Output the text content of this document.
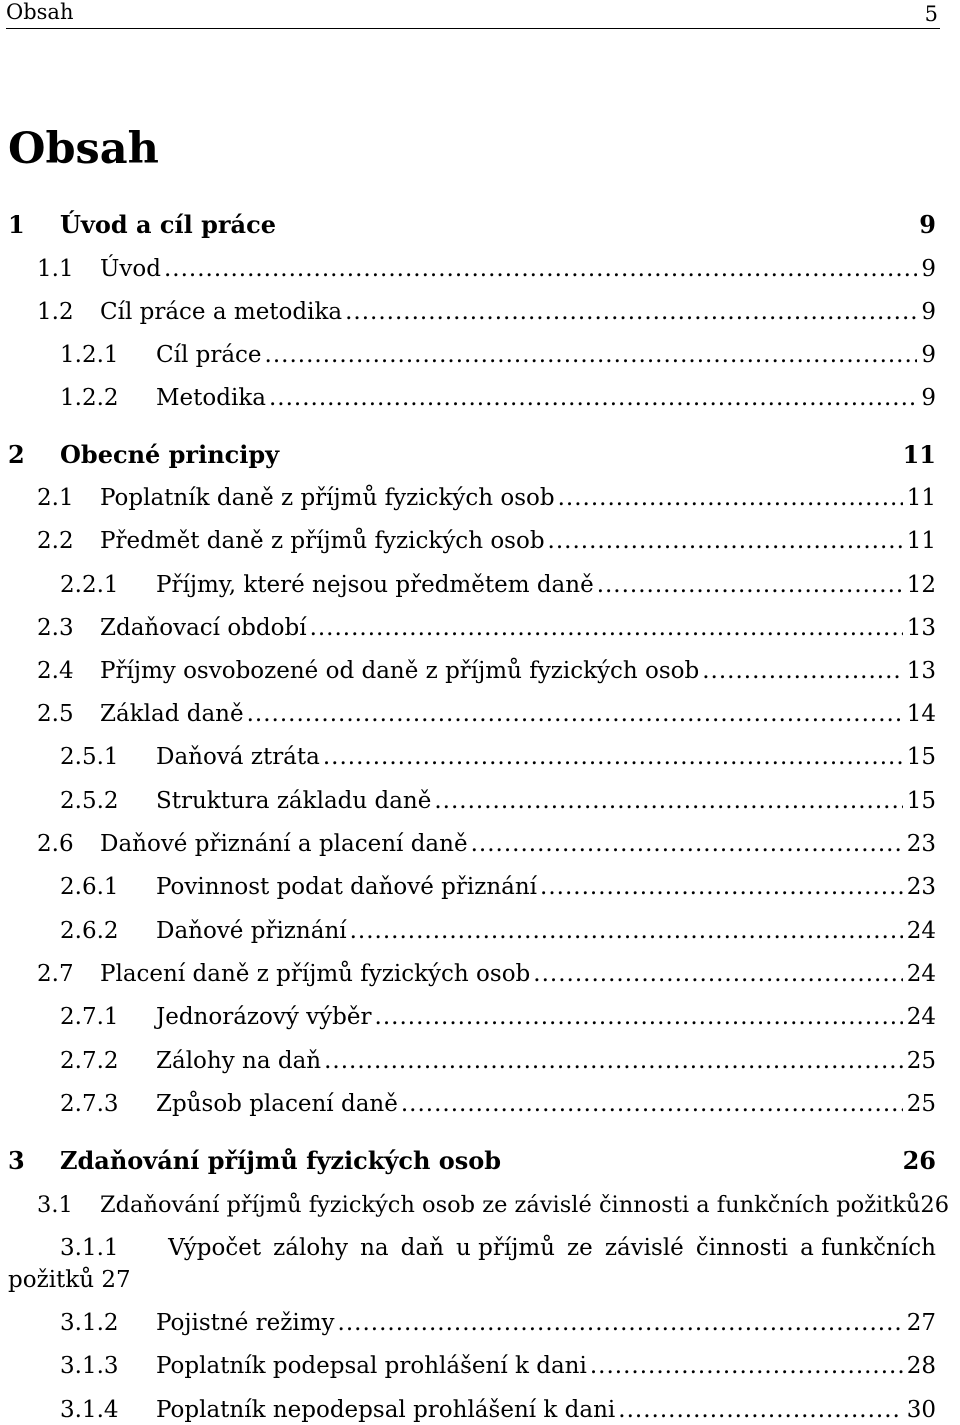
Obsah	5
Obsah
1	Úvod a cíl práce	9
1.1	Úvod .....	9
1.2	Cíl práce a metodika .....	9
1.2.1	Cíl práce .....	9
1.2.2	Metodika .....	9
2	Obecné principy	11
2.1	Poplatník daně z příjmů fyzických osob .....	11
2.2	Předmět daně z příjmů fyzických osob .....	11
2.2.1	Příjmy, které nejsou předmětem daně .....	12
2.3	Zdaňovací období .....	13
2.4	Příjmy osvobozené od daně z příjmů fyzických osob .....	13
2.5	Základ daně .....	14
2.5.1	Daňová ztráta .....	15
2.5.2	Struktura základu daně .....	15
2.6	Daňové přiznání a placení daně .....	23
2.6.1	Povinnost podat daňové přiznání .....	23
2.6.2	Daňové přiznání .....	24
2.7	Placení daně z příjmů fyzických osob .....	24
2.7.1	Jednorázový výběr .....	24
2.7.2	Zálohy na daň .....	25
2.7.3	Způsob placení daně .....	25
3	Zdaňování příjmů fyzických osob	26
3.1	Zdaňování příjmů fyzických osob ze závislé činnosti a funkčních požitků 26
3.1.1	Výpočet zálohy na daň u příjmů ze závislé činnosti a funkčních
požitků 27
3.1.2	Pojistné režimy .....	27
3.1.3	Poplatník podepsal prohlášení k dani .....	28
3.1.4	Poplatník nepodepsal prohlášení k dani .....	30
